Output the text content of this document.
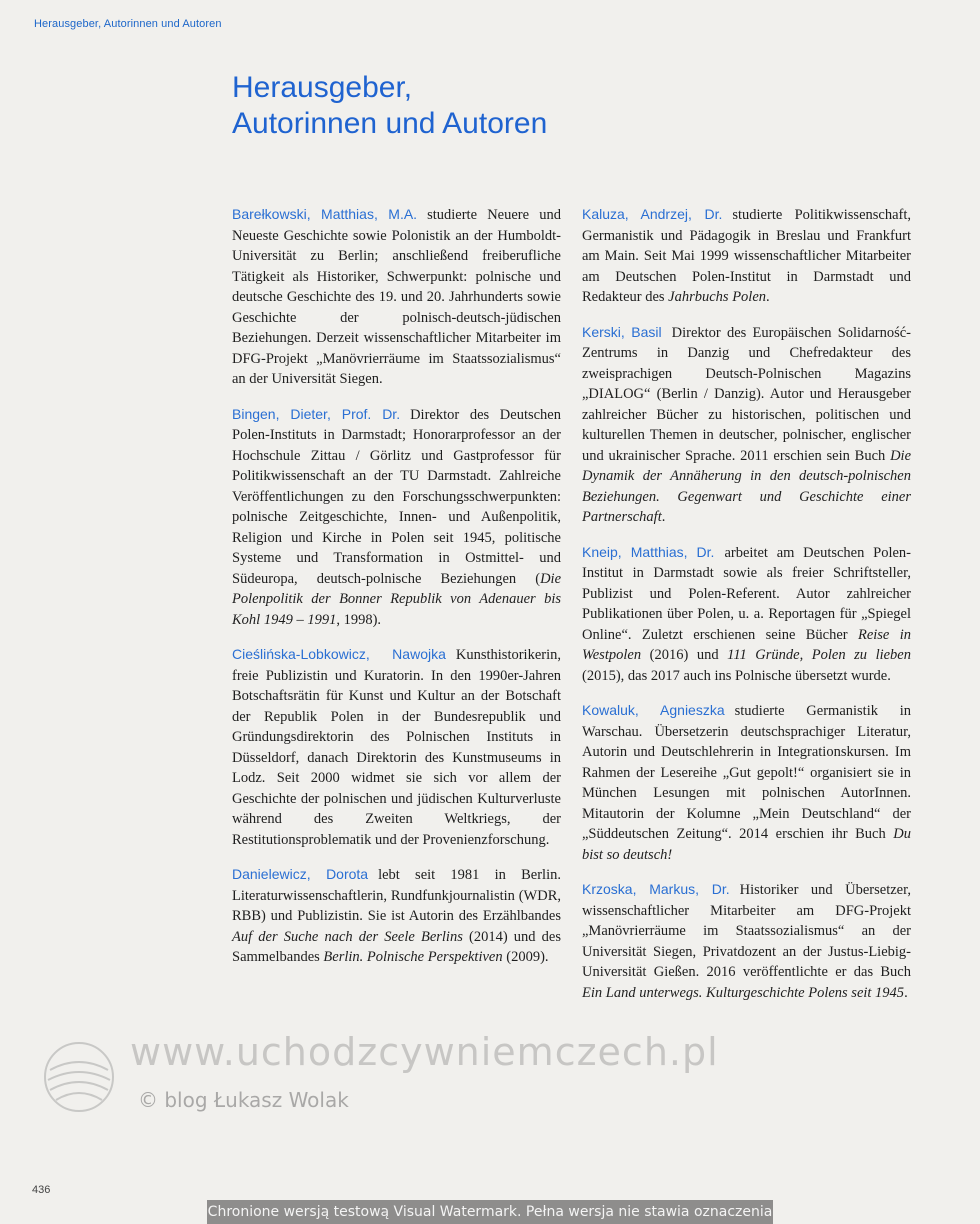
Herausgeber, Autorinnen und Autoren
Herausgeber,
Autorinnen und Autoren

Barełkowski, Matthias, M.A. studierte Neuere und Neueste Geschichte sowie Polonistik an der Humboldt-Universität zu Berlin; anschließend freiberufliche Tätigkeit als Historiker, Schwerpunkt: polnische und deutsche Geschichte des 19. und 20. Jahrhunderts sowie Geschichte der polnisch-deutsch-jüdischen Beziehungen. Derzeit wissenschaftlicher Mitarbeiter im DFG-Projekt „Manövrierräume im Staatssozialismus“ an der Universität Siegen.

Bingen, Dieter, Prof. Dr. Direktor des Deutschen Polen-Instituts in Darmstadt; Honorarprofessor an der Hochschule Zittau / Görlitz und Gastprofessor für Politikwissenschaft an der TU Darmstadt. Zahlreiche Veröffentlichungen zu den Forschungsschwerpunkten: polnische Zeitgeschichte, Innen- und Außenpolitik, Religion und Kirche in Polen seit 1945, politische Systeme und Transformation in Ostmittel- und Südeuropa, deutsch-polnische Beziehungen (Die Polenpolitik der Bonner Republik von Adenauer bis Kohl 1949 – 1991, 1998).

Cieślińska-Lobkowicz, Nawojka Kunsthistorikerin, freie Publizistin und Kuratorin. In den 1990er-Jahren Botschaftsrätin für Kunst und Kultur an der Botschaft der Republik Polen in der Bundesrepublik und Gründungsdirektorin des Polnischen Instituts in Düsseldorf, danach Direktorin des Kunstmuseums in Lodz. Seit 2000 widmet sie sich vor allem der Geschichte der polnischen und jüdischen Kulturverluste während des Zweiten Weltkriegs, der Restitutionsproblematik und der Provenienzforschung.

Danielewicz, Dorota lebt seit 1981 in Berlin. Literaturwissenschaftlerin, Rundfunkjournalistin (WDR, RBB) und Publizistin. Sie ist Autorin des Erzählbandes Auf der Suche nach der Seele Berlins (2014) und des Sammelbandes Berlin. Polnische Perspektiven (2009).

Kaluza, Andrzej, Dr. studierte Politikwissenschaft, Germanistik und Pädagogik in Breslau und Frankfurt am Main. Seit Mai 1999 wissenschaftlicher Mitarbeiter am Deutschen Polen-Institut in Darmstadt und Redakteur des Jahrbuchs Polen.

Kerski, Basil Direktor des Europäischen Solidarność-Zentrums in Danzig und Chefredakteur des zweisprachigen Deutsch-Polnischen Magazins „DIALOG“ (Berlin / Danzig). Autor und Herausgeber zahlreicher Bücher zu historischen, politischen und kulturellen Themen in deutscher, polnischer, englischer und ukrainischer Sprache. 2011 erschien sein Buch Die Dynamik der Annäherung in den deutsch-polnischen Beziehungen. Gegenwart und Geschichte einer Partnerschaft.

Kneip, Matthias, Dr. arbeitet am Deutschen Polen-Institut in Darmstadt sowie als freier Schriftsteller, Publizist und Polen-Referent. Autor zahlreicher Publikationen über Polen, u. a. Reportagen für „Spiegel Online“. Zuletzt erschienen seine Bücher Reise in Westpolen (2016) und 111 Gründe, Polen zu lieben (2015), das 2017 auch ins Polnische übersetzt wurde.

Kowaluk, Agnieszka studierte Germanistik in Warschau. Übersetzerin deutschsprachiger Literatur, Autorin und Deutschlehrerin in Integrationskursen. Im Rahmen der Lesereihe „Gut gepolt!“ organisiert sie in München Lesungen mit polnischen AutorInnen. Mitautorin der Kolumne „Mein Deutschland“ der „Süddeutschen Zeitung“. 2014 erschien ihr Buch Du bist so deutsch!

Krzoska, Markus, Dr. Historiker und Übersetzer, wissenschaftlicher Mitarbeiter am DFG-Projekt „Manövrierräume im Staatssozialismus“ an der Universität Siegen, Privatdozent an der Justus-Liebig-Universität Gießen. 2016 veröffentlichte er das Buch Ein Land unterwegs. Kulturgeschichte Polens seit 1945.

www.uchodzcywniemczech.pl
© blog Łukasz Wolak
436
Chronione wersją testową Visual Watermark. Pełna wersja nie stawia oznaczenia
